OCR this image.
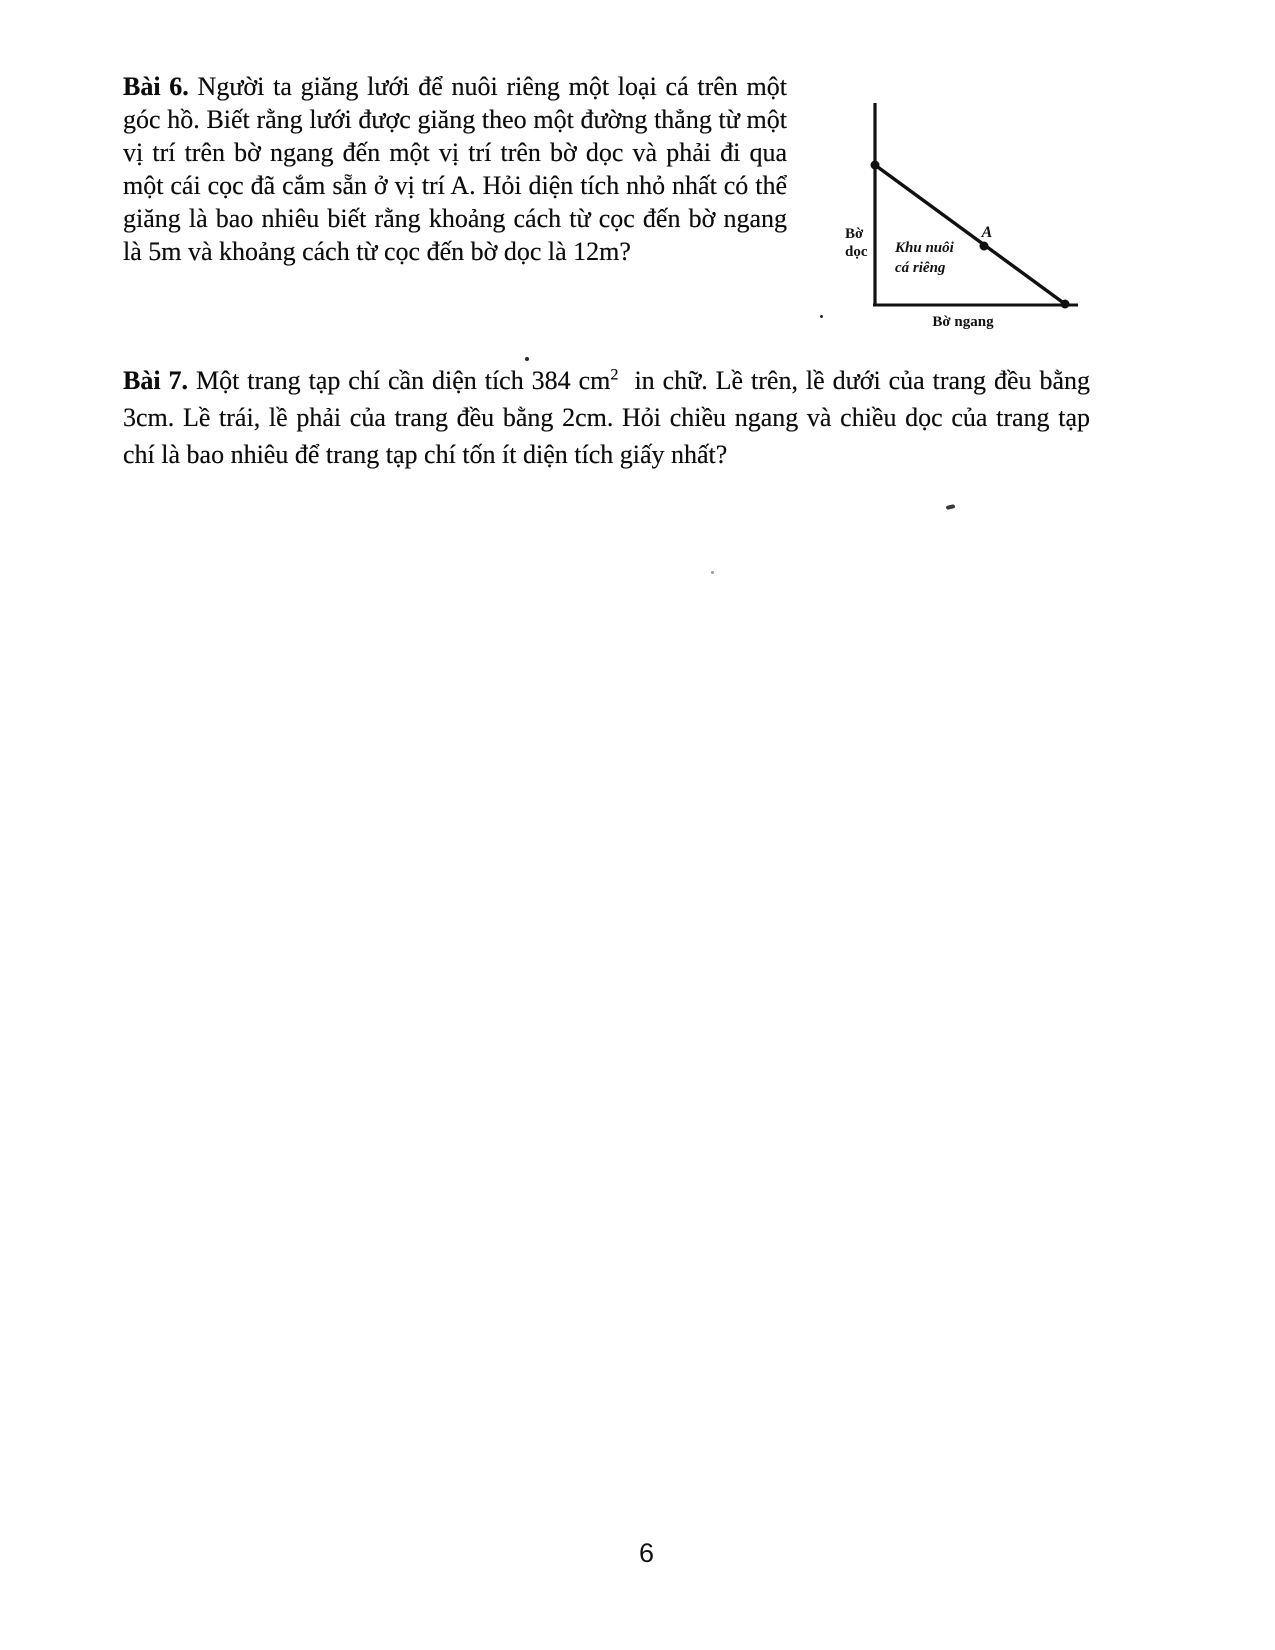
Bài 6. Người ta giăng lưới để nuôi riêng một loại cá trên một
góc hồ. Biết rằng lưới được giăng theo một đường thẳng từ một
vị trí trên bờ ngang đến một vị trí trên bờ dọc và phải đi qua
một cái cọc đã cắm sẵn ở vị trí A. Hỏi diện tích nhỏ nhất có thể
giăng là bao nhiêu biết rằng khoảng cách từ cọc đến bờ ngang
là 5m và khoảng cách từ cọc đến bờ dọc là 12m?
A
Bờ
dọc Khu nuôi
cá riêng
Bờ ngang
Bài 7. Một trang tạp chí cần diện tích 384 $cm^2$ in chữ. Lề trên, lề dưới của trang đều bằng
3cm. Lề trái, lề phải của trang đều bằng 2cm. Hỏi chiều ngang và chiều dọc của trang tạp
chí là bao nhiêu để trang tạp chí tốn ít diện tích giấy nhất?
6
